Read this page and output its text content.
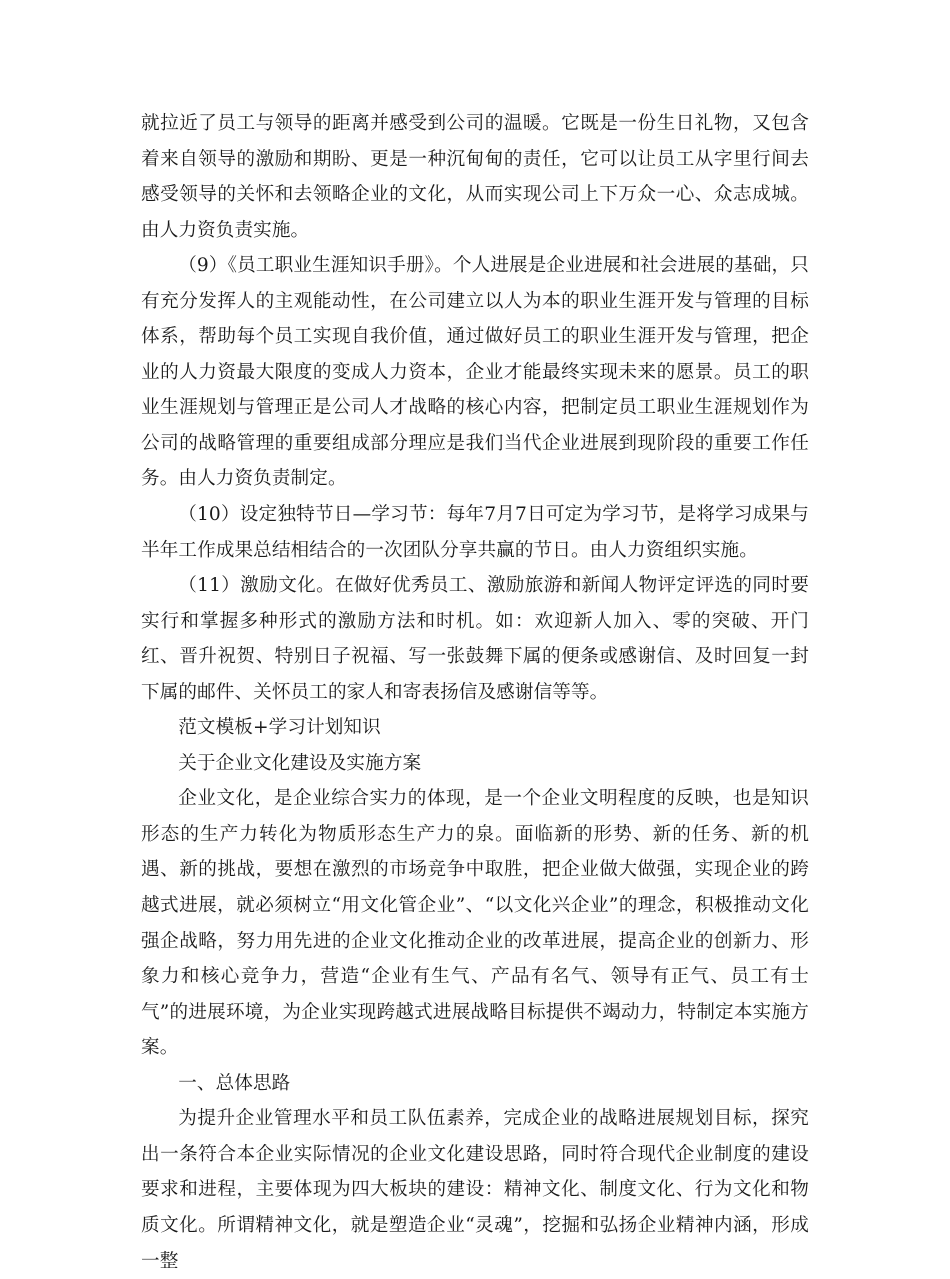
就拉近了员工与领导的距离并感受到公司的温暖。它既是一份生日礼物，又包含着来自领导的激励和期盼、更是一种沉甸甸的责任，它可以让员工从字里行间去感受领导的关怀和去领略企业的文化，从而实现公司上下万众一心、众志成城。由人力资负责实施。

（9）《员工职业生涯知识手册》。个人进展是企业进展和社会进展的基础，只有充分发挥人的主观能动性，在公司建立以人为本的职业生涯开发与管理的目标体系，帮助每个员工实现自我价值，通过做好员工的职业生涯开发与管理，把企业的人力资最大限度的变成人力资本，企业才能最终实现未来的愿景。员工的职业生涯规划与管理正是公司人才战略的核心内容，把制定员工职业生涯规划作为公司的战略管理的重要组成部分理应是我们当代企业进展到现阶段的重要工作任务。由人力资负责制定。

（10）设定独特节日—学习节：每年7月7日可定为学习节，是将学习成果与半年工作成果总结相结合的一次团队分享共赢的节日。由人力资组织实施。

（11）激励文化。在做好优秀员工、激励旅游和新闻人物评定评选的同时要实行和掌握多种形式的激励方法和时机。如：欢迎新人加入、零的突破、开门红、晋升祝贺、特别日子祝福、写一张鼓舞下属的便条或感谢信、及时回复一封下属的邮件、关怀员工的家人和寄表扬信及感谢信等等。

范文模板+学习计划知识

关于企业文化建设及实施方案

企业文化，是企业综合实力的体现，是一个企业文明程度的反映，也是知识形态的生产力转化为物质形态生产力的泉。面临新的形势、新的任务、新的机遇、新的挑战，要想在激烈的市场竞争中取胜，把企业做大做强，实现企业的跨越式进展，就必须树立“用文化管企业”、“以文化兴企业”的理念，积极推动文化强企战略，努力用先进的企业文化推动企业的改革进展，提高企业的创新力、形象力和核心竞争力，营造“企业有生气、产品有名气、领导有正气、员工有士气”的进展环境，为企业实现跨越式进展战略目标提供不竭动力，特制定本实施方案。

一、总体思路

为提升企业管理水平和员工队伍素养，完成企业的战略进展规划目标，探究出一条符合本企业实际情况的企业文化建设思路，同时符合现代企业制度的建设要求和进程，主要体现为四大板块的建设：精神文化、制度文化、行为文化和物质文化。所谓精神文化，就是塑造企业“灵魂”，挖掘和弘扬企业精神内涵，形成一整
